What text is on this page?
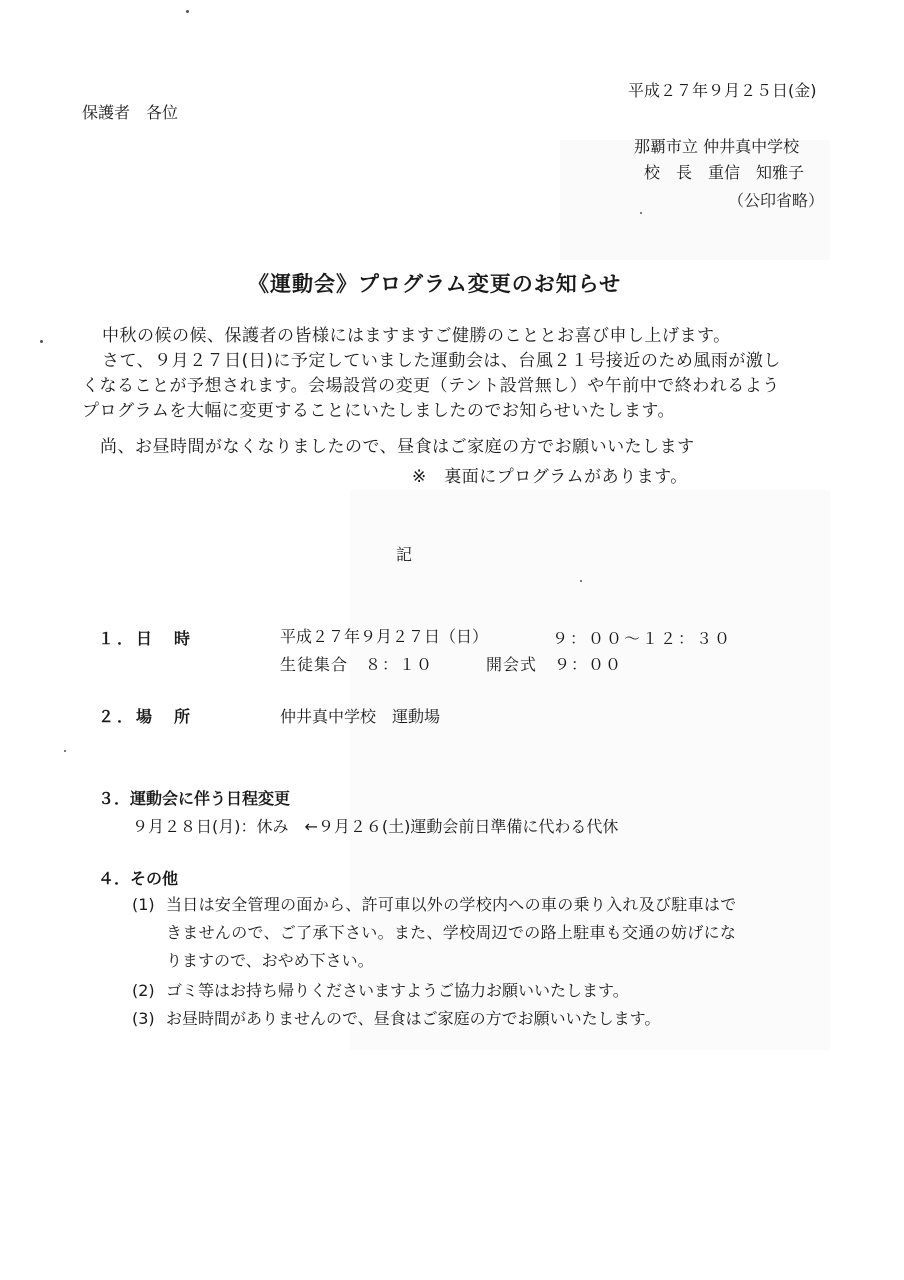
平成２７年９月２５日(金)
保護者　各位
那覇市立 仲井真中学校
校　長　重信　知雅子
（公印省略）
《運動会》プログラム変更のお知らせ
中秋の候の候、保護者の皆様にはますますご健勝のこととお喜び申し上げます。
さて、９月２７日(日)に予定していました運動会は、台風２１号接近のため風雨が激し
くなることが予想されます。会場設営の変更（テント設営無し）や午前中で終われるよう
プログラムを大幅に変更することにいたしましたのでお知らせいたします。
尚、お昼時間がなくなりましたので、昼食はご家庭の方でお願いいたします
※　裏面にプログラムがあります。
記
１．日　時	平成２７年９月２７日（日）	９：００〜１２：３０
生徒集合　８：１０	開会式　９：００
２．場　所	仲井真中学校　運動場
３．運動会に伴う日程変更
９月２８日(月)：休み　←９月２６(土)運動会前日準備に代わる代休
４．その他
(1) 当日は安全管理の面から、許可車以外の学校内への車の乗り入れ及び駐車はで
きませんので、ご了承下さい。また、学校周辺での路上駐車も交通の妨げにな
りますので、おやめ下さい。
(2) ゴミ等はお持ち帰りくださいますようご協力お願いいたします。
(3) お昼時間がありませんので、昼食はご家庭の方でお願いいたします。
